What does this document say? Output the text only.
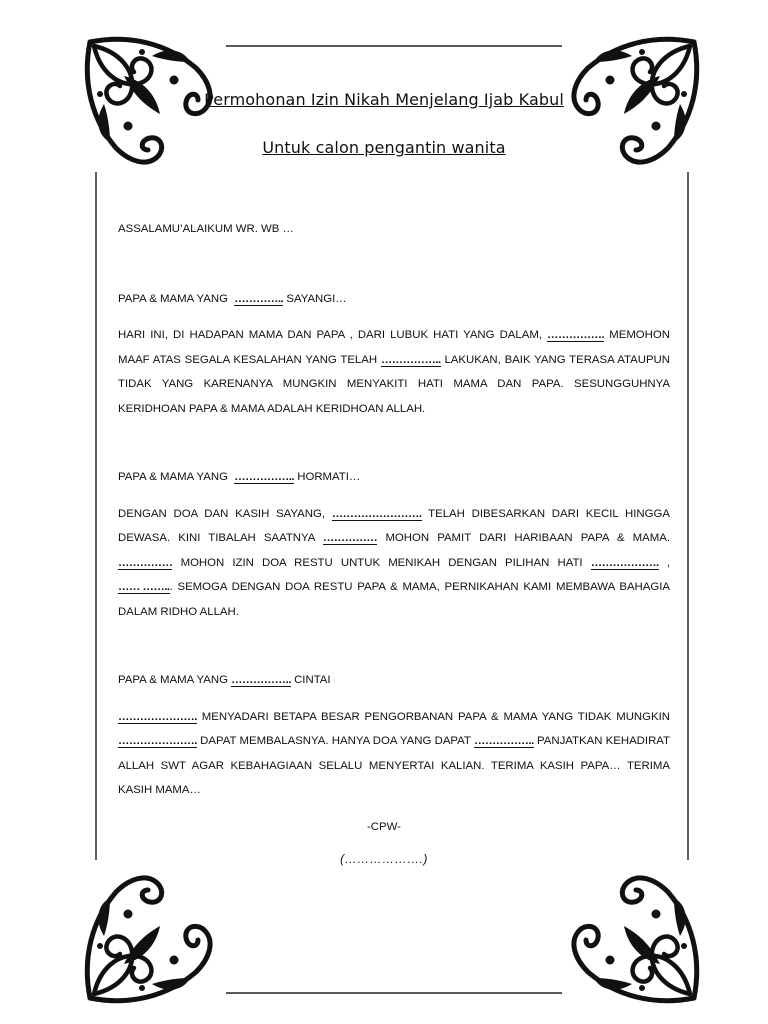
Permohonan Izin Nikah Menjelang Ijab Kabul
Untuk calon pengantin wanita

ASSALAMU’ALAIKUM WR. WB …

PAPA & MAMA YANG ………….. SAYANGI…

HARI INI, DI HADAPAN MAMA DAN PAPA , DARI LUBUK HATI YANG DALAM, ……………. MEMOHON MAAF ATAS SEGALA KESALAHAN YANG TELAH …………….. LAKUKAN, BAIK YANG TERASA ATAUPUN TIDAK YANG KARENANYA MUNGKIN MENYAKITI HATI MAMA DAN PAPA. SESUNGGUHNYA KERIDHOAN PAPA & MAMA ADALAH KERIDHOAN ALLAH.

PAPA & MAMA YANG …………….. HORMATI…

DENGAN DOA DAN KASIH SAYANG, ……………………. TELAH DIBESARKAN DARI KECIL HINGGA DEWASA. KINI TIBALAH SAATNYA …………… MOHON PAMIT DARI HARIBAAN PAPA & MAMA. …………… MOHON IZIN DOA RESTU UNTUK MENIKAH DENGAN PILIHAN HATI ………………. , …… ……... SEMOGA DENGAN DOA RESTU PAPA & MAMA, PERNIKAHAN KAMI MEMBAWA BAHAGIA DALAM RIDHO ALLAH.

PAPA & MAMA YANG …………….. CINTAI

…………………. MENYADARI BETAPA BESAR PENGORBANAN PAPA & MAMA YANG TIDAK MUNGKIN …………………. DAPAT MEMBALASNYA. HANYA DOA YANG DAPAT …………….. PANJATKAN KEHADIRAT ALLAH SWT AGAR KEBAHAGIAAN SELALU MENYERTAI KALIAN. TERIMA KASIH PAPA… TERIMA KASIH MAMA…

-CPW-
(……………….)
